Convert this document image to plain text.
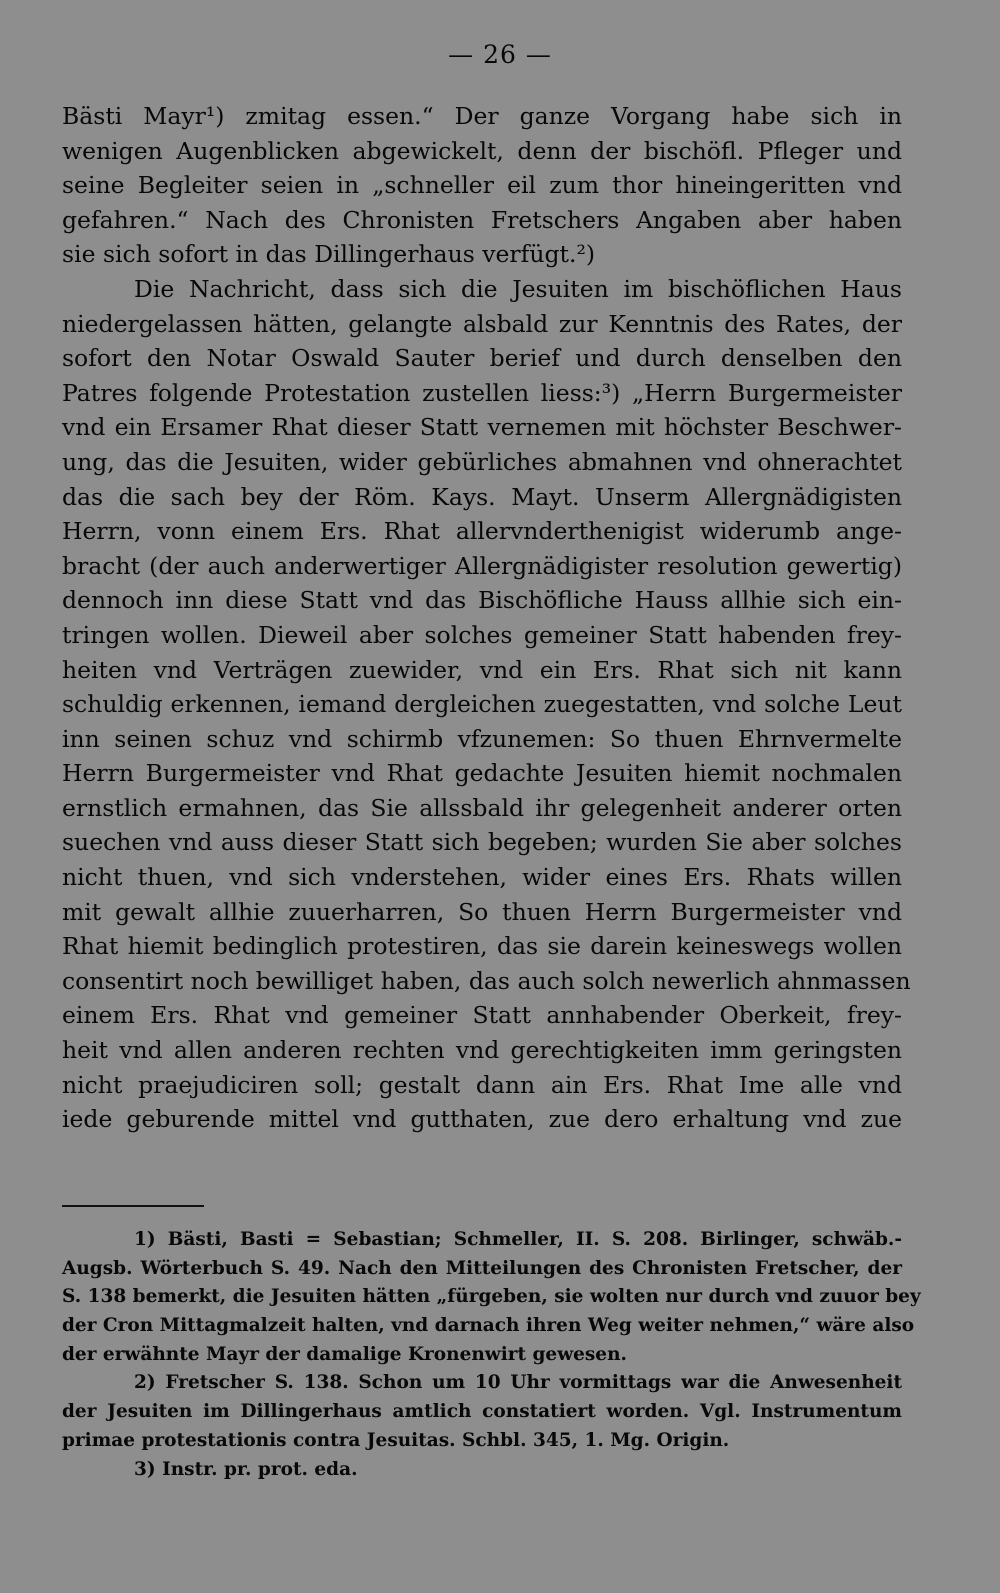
— 26 —
Bästi Mayr¹) zmitag essen.“ Der ganze Vorgang habe sich in
wenigen Augenblicken abgewickelt, denn der bischöfl. Pfleger und
seine Begleiter seien in „schneller eil zum thor hineingeritten vnd
gefahren.“ Nach des Chronisten Fretschers Angaben aber haben
sie sich sofort in das Dillingerhaus verfügt.²)
Die Nachricht, dass sich die Jesuiten im bischöflichen Haus
niedergelassen hätten, gelangte alsbald zur Kenntnis des Rates, der
sofort den Notar Oswald Sauter berief und durch denselben den
Patres folgende Protestation zustellen liess:³) „Herrn Burgermeister
vnd ein Ersamer Rhat dieser Statt vernemen mit höchster Beschwer-
ung, das die Jesuiten, wider gebürliches abmahnen vnd ohnerachtet
das die sach bey der Röm. Kays. Mayt. Unserm Allergnädigisten
Herrn, vonn einem Ers. Rhat allervnderthenigist widerumb ange-
bracht (der auch anderwertiger Allergnädigister resolution gewertig)
dennoch inn diese Statt vnd das Bischöfliche Hauss allhie sich ein-
tringen wollen. Dieweil aber solches gemeiner Statt habenden frey-
heiten vnd Verträgen zuewider, vnd ein Ers. Rhat sich nit kann
schuldig erkennen, iemand dergleichen zuegestatten, vnd solche Leut
inn seinen schuz vnd schirmb vfzunemen: So thuen Ehrnvermelte
Herrn Burgermeister vnd Rhat gedachte Jesuiten hiemit nochmalen
ernstlich ermahnen, das Sie allssbald ihr gelegenheit anderer orten
suechen vnd auss dieser Statt sich begeben; wurden Sie aber solches
nicht thuen, vnd sich vnderstehen, wider eines Ers. Rhats willen
mit gewalt allhie zuuerharren, So thuen Herrn Burgermeister vnd
Rhat hiemit bedinglich protestiren, das sie darein keineswegs wollen
consentirt noch bewilliget haben, das auch solch newerlich ahnmassen
einem Ers. Rhat vnd gemeiner Statt annhabender Oberkeit, frey-
heit vnd allen anderen rechten vnd gerechtigkeiten imm geringsten
nicht praejudiciren soll; gestalt dann ain Ers. Rhat Ime alle vnd
iede geburende mittel vnd gutthaten, zue dero erhaltung vnd zue
1) Bästi, Basti = Sebastian; Schmeller, II. S. 208. Birlinger, schwäb.-
Augsb. Wörterbuch S. 49. Nach den Mitteilungen des Chronisten Fretscher, der
S. 138 bemerkt, die Jesuiten hätten „fürgeben, sie wolten nur durch vnd zuuor bey
der Cron Mittagmalzeit halten, vnd darnach ihren Weg weiter nehmen,“ wäre also
der erwähnte Mayr der damalige Kronenwirt gewesen.
2) Fretscher S. 138. Schon um 10 Uhr vormittags war die Anwesenheit
der Jesuiten im Dillingerhaus amtlich constatiert worden. Vgl. Instrumentum
primae protestationis contra Jesuitas. Schbl. 345, 1. Mg. Origin.
3) Instr. pr. prot. eda.
